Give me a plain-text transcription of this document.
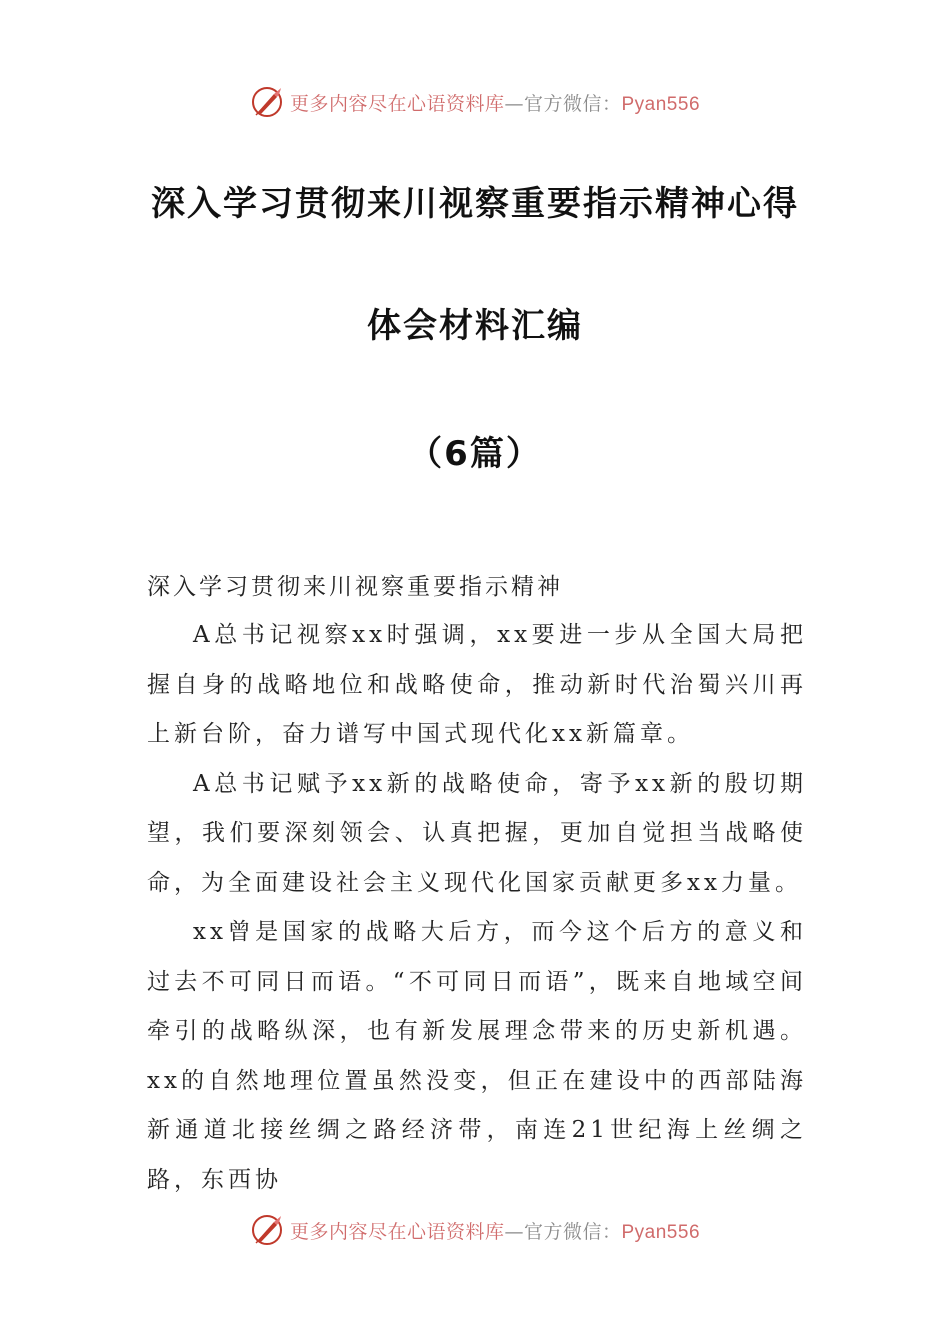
更多内容尽在心语资料库—官方微信：Pyan556
深入学习贯彻来川视察重要指示精神心得
体会材料汇编
（6篇）
深入学习贯彻来川视察重要指示精神

A总书记视察xx时强调，xx要进一步从全国大局把握自身的战略地位和战略使命，推动新时代治蜀兴川再上新台阶，奋力谱写中国式现代化xx新篇章。

A总书记赋予xx新的战略使命，寄予xx新的殷切期望，我们要深刻领会、认真把握，更加自觉担当战略使命，为全面建设社会主义现代化国家贡献更多xx力量。

xx曾是国家的战略大后方，而今这个后方的意义和过去不可同日而语。“不可同日而语”，既来自地域空间牵引的战略纵深，也有新发展理念带来的历史新机遇。xx的自然地理位置虽然没变，但正在建设中的西部陆海新通道北接丝绸之路经济带，南连21世纪海上丝绸之路，东西协

更多内容尽在心语资料库—官方微信：Pyan556
